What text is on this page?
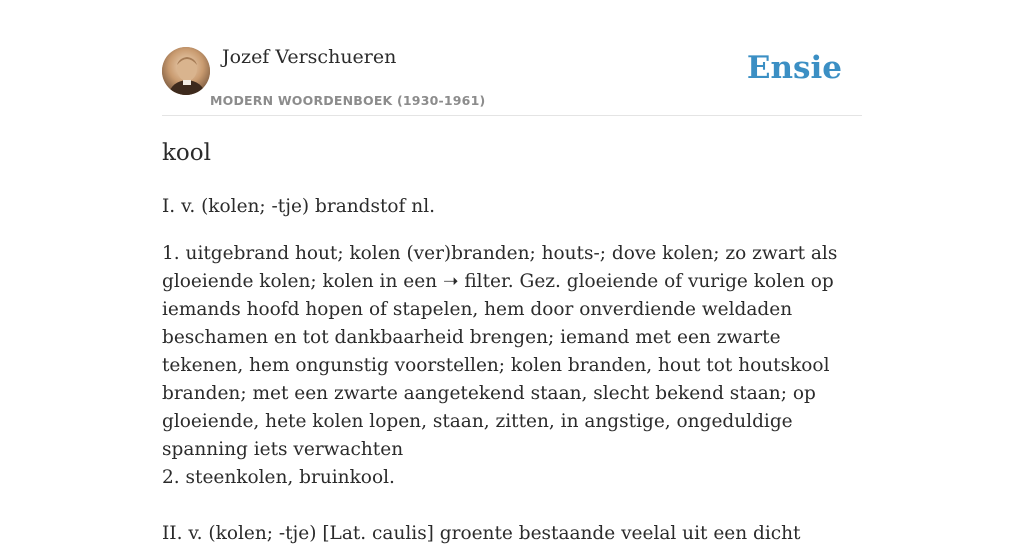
Jozef Verschueren
MODERN WOORDENBOEK (1930-1961)
Ensie
kool

I. v. (kolen; -tje) brandstof nl.

1. uitgebrand hout; kolen (ver)branden; houts-; dove kolen; zo zwart als gloeiende kolen; kolen in een ➝ filter. Gez. gloeiende of vurige kolen op iemands hoofd hopen of stapelen, hem door onverdiende weldaden beschamen en tot dankbaarheid brengen; iemand met een zwarte tekenen, hem ongunstig voorstellen; kolen branden, hout tot houtskool branden; met een zwarte aangetekend staan, slecht bekend staan; op gloeiende, hete kolen lopen, staan, zitten, in angstige, ongeduldige spanning iets verwachten
2. steenkolen, bruinkool.
II. v. (kolen; -tje) [Lat. caulis] groente bestaande veelal uit een dicht
